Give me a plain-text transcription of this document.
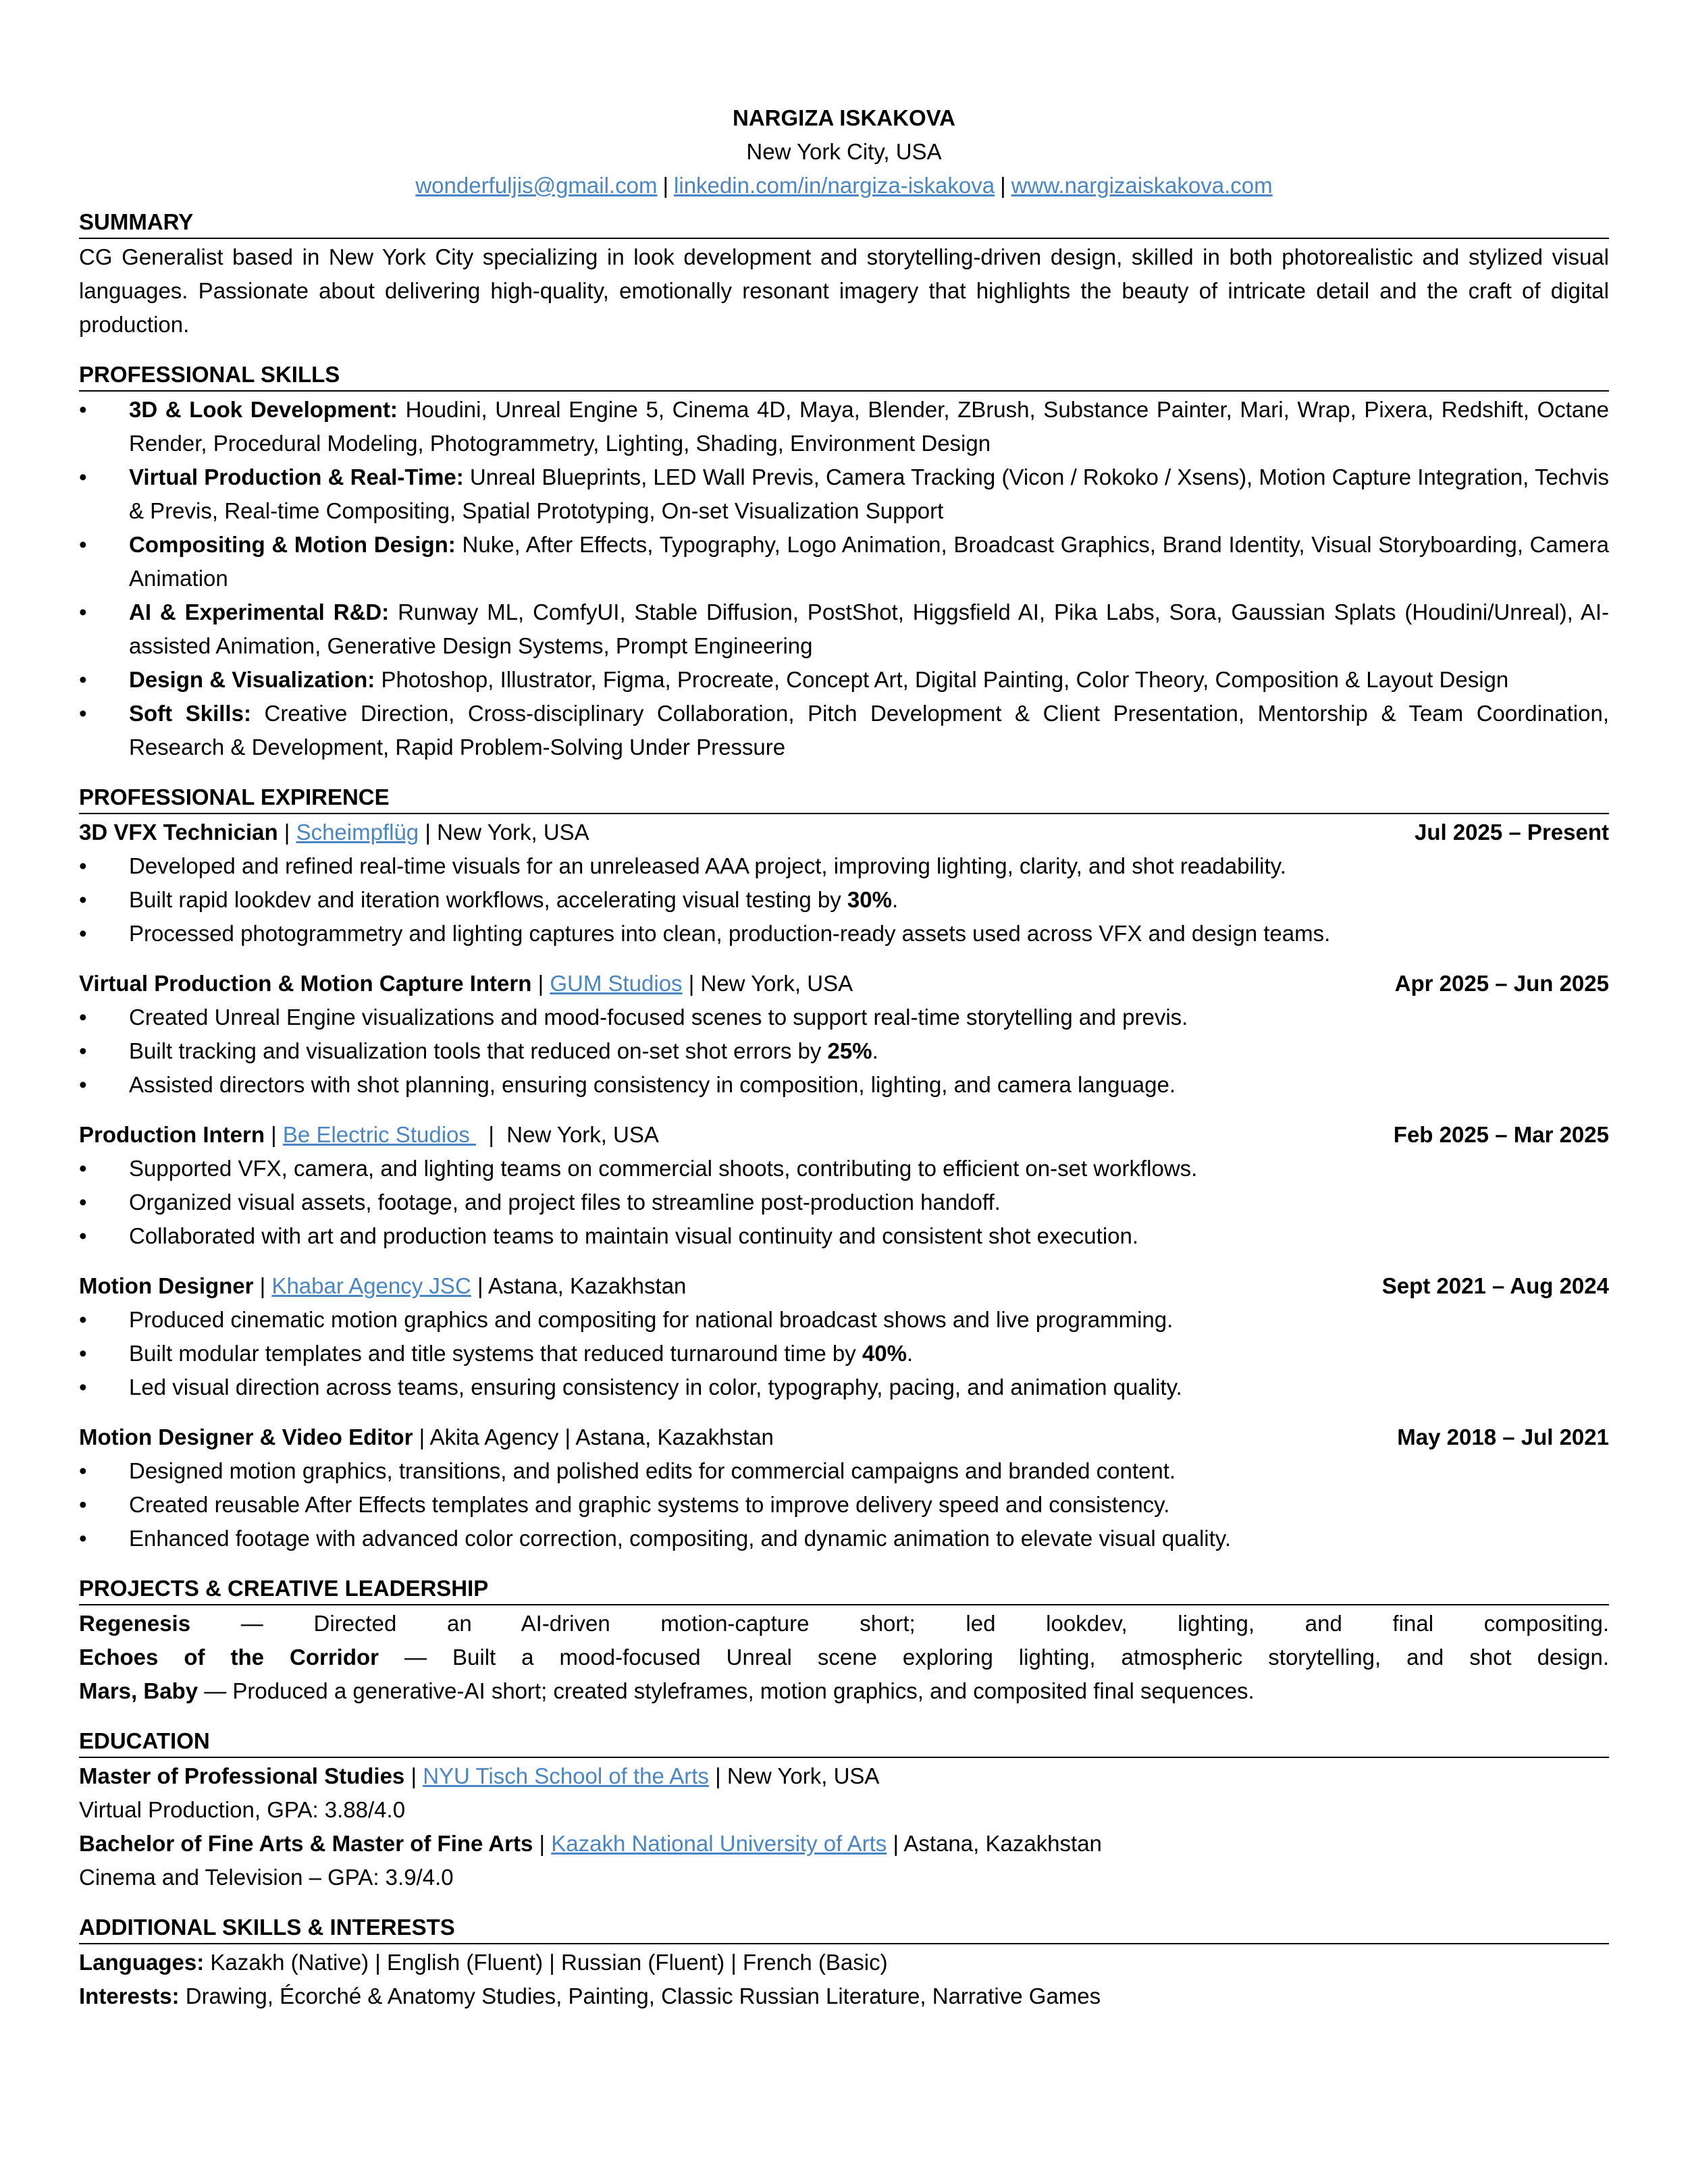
NARGIZA ISKAKOVA
New York City, USA
wonderfuljis@gmail.com | linkedin.com/in/nargiza-iskakova | www.nargizaiskakova.com
SUMMARY
CG Generalist based in New York City specializing in look development and storytelling-driven design, skilled in both photorealistic and stylized visual languages. Passionate about delivering high-quality, emotionally resonant imagery that highlights the beauty of intricate detail and the craft of digital production.
PROFESSIONAL SKILLS
• 3D & Look Development: Houdini, Unreal Engine 5, Cinema 4D, Maya, Blender, ZBrush, Substance Painter, Mari, Wrap, Pixera, Redshift, Octane Render, Procedural Modeling, Photogrammetry, Lighting, Shading, Environment Design
• Virtual Production & Real-Time: Unreal Blueprints, LED Wall Previs, Camera Tracking (Vicon / Rokoko / Xsens), Motion Capture Integration, Techvis & Previs, Real-time Compositing, Spatial Prototyping, On-set Visualization Support
• Compositing & Motion Design: Nuke, After Effects, Typography, Logo Animation, Broadcast Graphics, Brand Identity, Visual Storyboarding, Camera Animation
• AI & Experimental R&D: Runway ML, ComfyUI, Stable Diffusion, PostShot, Higgsfield AI, Pika Labs, Sora, Gaussian Splats (Houdini/Unreal), AI-assisted Animation, Generative Design Systems, Prompt Engineering
• Design & Visualization: Photoshop, Illustrator, Figma, Procreate, Concept Art, Digital Painting, Color Theory, Composition & Layout Design
• Soft Skills: Creative Direction, Cross-disciplinary Collaboration, Pitch Development & Client Presentation, Mentorship & Team Coordination, Research & Development, Rapid Problem-Solving Under Pressure
PROFESSIONAL EXPIRENCE
3D VFX Technician | Scheimpflüg | New York, USA	Jul 2025 – Present
• Developed and refined real-time visuals for an unreleased AAA project, improving lighting, clarity, and shot readability.
• Built rapid lookdev and iteration workflows, accelerating visual testing by 30%.
• Processed photogrammetry and lighting captures into clean, production-ready assets used across VFX and design teams.
Virtual Production & Motion Capture Intern | GUM Studios | New York, USA	Apr 2025 – Jun 2025
• Created Unreal Engine visualizations and mood-focused scenes to support real-time storytelling and previs.
• Built tracking and visualization tools that reduced on-set shot errors by 25%.
• Assisted directors with shot planning, ensuring consistency in composition, lighting, and camera language.
Production Intern | Be Electric Studios   |  New York, USA	Feb 2025 – Mar 2025
• Supported VFX, camera, and lighting teams on commercial shoots, contributing to efficient on-set workflows.
• Organized visual assets, footage, and project files to streamline post-production handoff.
• Collaborated with art and production teams to maintain visual continuity and consistent shot execution.
Motion Designer | Khabar Agency JSC | Astana, Kazakhstan	Sept 2021 – Aug 2024
• Produced cinematic motion graphics and compositing for national broadcast shows and live programming.
• Built modular templates and title systems that reduced turnaround time by 40%.
• Led visual direction across teams, ensuring consistency in color, typography, pacing, and animation quality.
Motion Designer & Video Editor | Akita Agency | Astana, Kazakhstan	May 2018 – Jul 2021
• Designed motion graphics, transitions, and polished edits for commercial campaigns and branded content.
• Created reusable After Effects templates and graphic systems to improve delivery speed and consistency.
• Enhanced footage with advanced color correction, compositing, and dynamic animation to elevate visual quality.
PROJECTS & CREATIVE LEADERSHIP
Regenesis — Directed an AI-driven motion-capture short; led lookdev, lighting, and final compositing.
Echoes of the Corridor — Built a mood-focused Unreal scene exploring lighting, atmospheric storytelling, and shot design.
Mars, Baby — Produced a generative-AI short; created styleframes, motion graphics, and composited final sequences.
EDUCATION
Master of Professional Studies | NYU Tisch School of the Arts | New York, USA
Virtual Production, GPA: 3.88/4.0
Bachelor of Fine Arts & Master of Fine Arts | Kazakh National University of Arts | Astana, Kazakhstan
Cinema and Television – GPA: 3.9/4.0
ADDITIONAL SKILLS & INTERESTS
Languages: Kazakh (Native) | English (Fluent) | Russian (Fluent) | French (Basic)
Interests: Drawing, Écorché & Anatomy Studies, Painting, Classic Russian Literature, Narrative Games
